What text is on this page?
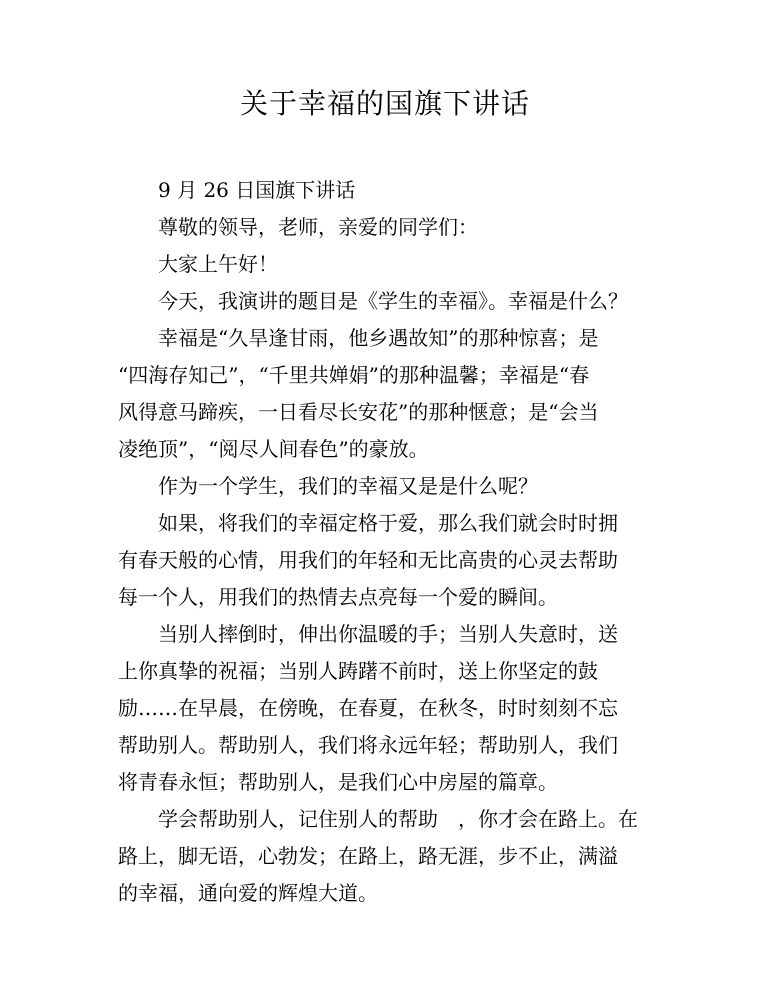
关于幸福的国旗下讲话

9 月 26 日国旗下讲话

尊敬的领导，老师，亲爱的同学们：

大家上午好！

今天，我演讲的题目是《学生的幸福》。幸福是什么？

幸福是“久旱逢甘雨，他乡遇故知”的那种惊喜；是

“四海存知己”，“千里共婵娟”的那种温馨；幸福是“春

风得意马蹄疾，一日看尽长安花”的那种惬意；是“会当

凌绝顶”，“阅尽人间春色”的豪放。

作为一个学生，我们的幸福又是是什么呢？

如果，将我们的幸福定格于爱，那么我们就会时时拥

有春天般的心情，用我们的年轻和无比高贵的心灵去帮助

每一个人，用我们的热情去点亮每一个爱的瞬间。

当别人摔倒时，伸出你温暖的手；当别人失意时，送

上你真挚的祝福；当别人踌躇不前时，送上你坚定的鼓

励……在早晨，在傍晚，在春夏，在秋冬，时时刻刻不忘

帮助别人。帮助别人，我们将永远年轻；帮助别人，我们

将青春永恒；帮助别人，是我们心中房屋的篇章。

学会帮助别人，记住别人的帮助　，你才会在路上。在

路上，脚无语，心勃发；在路上，路无涯，步不止，满溢

的幸福，通向爱的辉煌大道。
